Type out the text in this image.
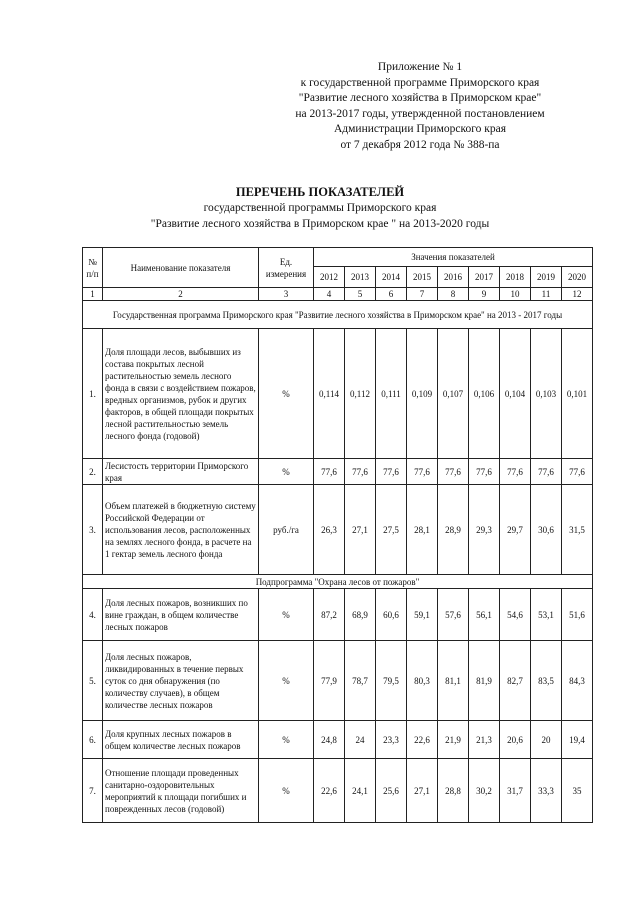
Приложение № 1
к государственной программе Приморского края
"Развитие лесного хозяйства в Приморском крае"
на 2013-2017 годы, утвержденной постановлением
Администрации Приморского края
от 7 декабря 2012 года № 388-па
ПЕРЕЧЕНЬ ПОКАЗАТЕЛЕЙ
государственной программы Приморского края
"Развитие лесного хозяйства в Приморском крае " на 2013-2020 годы
№ п/п	Наименование показателя	Ед. измерения	Значения показателей								
			2012	2013	2014	2015	2016	2017	2018	2019	2020
1	2	3	4	5	6	7	8	9	10	11	12
Государственная программа Приморского края "Развитие лесного хозяйства в Приморском крае" на 2013 - 2017 годы											
1.	Доля площади лесов, выбывших из состава покрытых лесной растительностью земель лесного фонда в связи с воздействием пожаров, вредных организмов, рубок и других факторов, в общей площади покрытых лесной растительностью земель лесного фонда (годовой)	%	0,114	0,112	0,111	0,109	0,107	0,106	0,104	0,103	0,101
2.	Лесистость территории Приморского края	%	77,6	77,6	77,6	77,6	77,6	77,6	77,6	77,6	77,6
3.	Объем платежей в бюджетную систему Российской Федерации от использования лесов, расположенных на землях лесного фонда, в расчете на 1 гектар земель лесного фонда	руб./га	26,3	27,1	27,5	28,1	28,9	29,3	29,7	30,6	31,5
Подпрограмма "Охрана лесов от пожаров"											
4.	Доля лесных пожаров, возникших по вине граждан, в общем количестве лесных пожаров	%	87,2	68,9	60,6	59,1	57,6	56,1	54,6	53,1	51,6
5.	Доля лесных пожаров, ликвидированных в течение первых суток со дня обнаружения (по количеству случаев), в общем количестве лесных пожаров	%	77,9	78,7	79,5	80,3	81,1	81,9	82,7	83,5	84,3
6.	Доля крупных лесных пожаров в общем количестве лесных пожаров	%	24,8	24	23,3	22,6	21,9	21,3	20,6	20	19,4
7.	Отношение площади проведенных санитарно-оздоровительных мероприятий к площади погибших и поврежденных лесов (годовой)	%	22,6	24,1	25,6	27,1	28,8	30,2	31,7	33,3	35
